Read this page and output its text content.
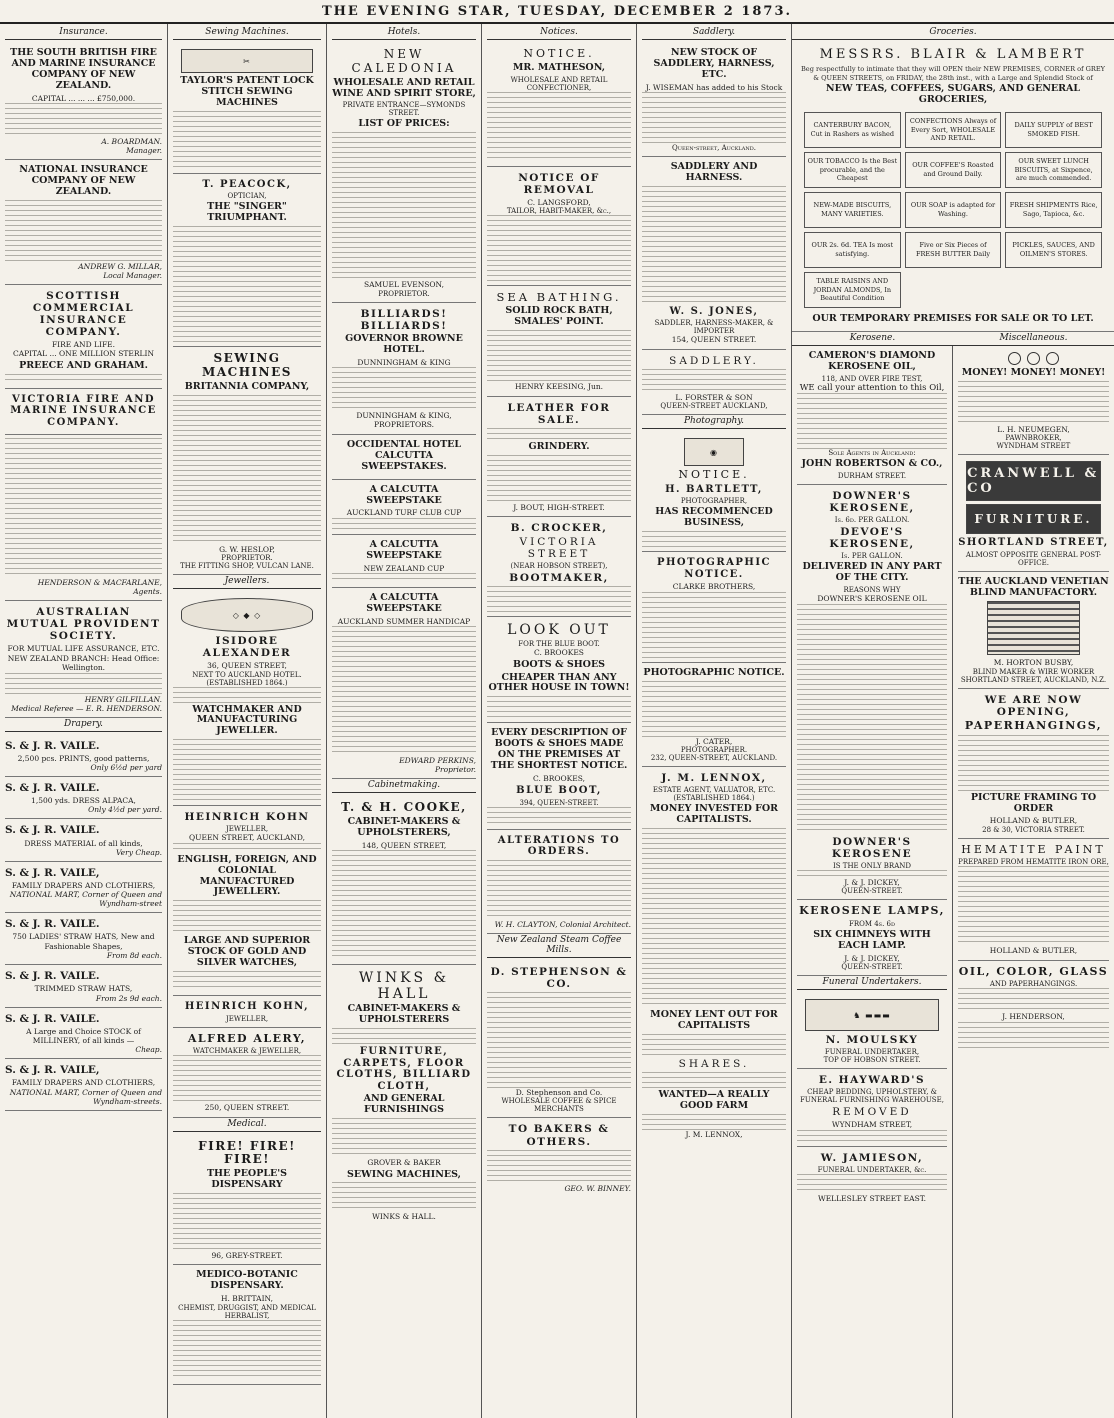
THE EVENING STAR, TUESDAY, DECEMBER 2 1873.
Insurance.
THE SOUTH BRITISH FIRE AND MARINE INSURANCE COMPANY OF NEW ZEALAND.
CAPITAL ... ... ... £750,000.
A. BOARDMAN.
Manager.
NATIONAL INSURANCE COMPANY OF NEW ZEALAND.
ANDREW G. MILLAR,
Local Manager.
SCOTTISH COMMERCIAL INSURANCE COMPANY.
FIRE AND LIFE.
CAPITAL ... ONE MILLION STERLIN
PREECE AND GRAHAM.
VICTORIA FIRE AND MARINE INSURANCE COMPANY.
HENDERSON & MACFARLANE,
Agents.
AUSTRALIAN MUTUAL PROVIDENT SOCIETY.
FOR MUTUAL LIFE ASSURANCE, ETC.
NEW ZEALAND BRANCH: Head Office: Wellington.
HENRY GILFILLAN.
Medical Referee — E. R. HENDERSON.
Drapery.
S. & J. R. VAILE.
2,500 pcs. PRINTS, good patterns,
Only 6½d per yard
S. & J. R. VAILE.
1,500 yds. DRESS ALPACA,
Only 4½d per yard.
S. & J. R. VAILE.
DRESS MATERIAL of all kinds,
Very Cheap.
S. & J. R. VAILE,
FAMILY DRAPERS AND CLOTHIERS,
NATIONAL MART, Corner of Queen and Wyndham-street
S. & J. R. VAILE.
750 LADIES' STRAW HATS, New and Fashionable Shapes,
From 8d each.
S. & J. R. VAILE.
TRIMMED STRAW HATS,
From 2s 9d each.
S. & J. R. VAILE.
A Large and Choice STOCK of MILLINERY, of all kinds —
Cheap.
S. & J. R. VAILE,
FAMILY DRAPERS AND CLOTHIERS,
NATIONAL MART, Corner of Queen and Wyndham-streets.
Sewing Machines.
✂
TAYLOR'S PATENT LOCK STITCH SEWING MACHINES
T. PEACOCK,
OPTICIAN,
THE "SINGER" TRIUMPHANT.
SEWING MACHINES
BRITANNIA COMPANY,
G. W. HESLOP,
PROPRIETOR.
THE FITTING SHOP, VULCAN LANE.
Jewellers.
◇ ◆ ◇
ISIDORE ALEXANDER
36, QUEEN STREET,
NEXT TO AUCKLAND HOTEL.
(ESTABLISHED 1864.)
WATCHMAKER AND MANUFACTURING JEWELLER.
HEINRICH KOHN
JEWELLER,
QUEEN STREET, AUCKLAND,
ENGLISH, FOREIGN, AND COLONIAL MANUFACTURED JEWELLERY.
LARGE AND SUPERIOR STOCK OF GOLD AND SILVER WATCHES,
HEINRICH KOHN,
JEWELLER,
ALFRED ALERY,
WATCHMAKER & JEWELLER,
250, QUEEN STREET.
Medical.
FIRE! FIRE! FIRE!
THE PEOPLE'S DISPENSARY
96, GREY-STREET.
MEDICO-BOTANIC DISPENSARY.
H. BRITTAIN,
CHEMIST, DRUGGIST, AND MEDICAL HERBALIST,
Hotels.
NEW CALEDONIA
WHOLESALE AND RETAIL WINE AND SPIRIT STORE,
PRIVATE ENTRANCE—SYMONDS STREET.
LIST OF PRICES:
SAMUEL EVENSON,
PROPRIETOR.
BILLIARDS! BILLIARDS!
GOVERNOR BROWNE HOTEL.
DUNNINGHAM & KING
DUNNINGHAM & KING, PROPRIETORS.
OCCIDENTAL HOTEL CALCUTTA SWEEPSTAKES.
A CALCUTTA SWEEPSTAKE
AUCKLAND TURF CLUB CUP
A CALCUTTA SWEEPSTAKE
NEW ZEALAND CUP
A CALCUTTA SWEEPSTAKE
AUCKLAND SUMMER HANDICAP
EDWARD PERKINS,
Proprietor.
Cabinetmaking.
T. & H. COOKE,
CABINET-MAKERS & UPHOLSTERERS,
148, QUEEN STREET,
WINKS & HALL
CABINET-MAKERS & UPHOLSTERERS
FURNITURE, CARPETS, FLOOR CLOTHS, BILLIARD CLOTH,
AND GENERAL FURNISHINGS
GROVER & BAKER
SEWING MACHINES,
WINKS & HALL.
Notices.
NOTICE.
MR. MATHESON,
WHOLESALE AND RETAIL CONFECTIONER,
NOTICE OF REMOVAL
C. LANGSFORD,
TAILOR, HABIT-MAKER, &c.,
SEA BATHING.
SOLID ROCK BATH, SMALES' POINT.
HENRY KEESING, Jun.
LEATHER FOR SALE.
GRINDERY.
J. BOUT, HIGH-STREET.
B. CROCKER,
VICTORIA STREET
(NEAR HOBSON STREET),
BOOTMAKER,
LOOK OUT
FOR THE BLUE BOOT.
C. BROOKES
BOOTS & SHOES
CHEAPER THAN ANY OTHER HOUSE IN TOWN!
EVERY DESCRIPTION OF BOOTS & SHOES MADE ON THE PREMISES AT THE SHORTEST NOTICE.
C. BROOKES,
BLUE BOOT,
394, QUEEN-STREET.
ALTERATIONS TO ORDERS.
W. H. CLAYTON, Colonial Architect.
New Zealand Steam Coffee Mills.
D. STEPHENSON & CO.
D. Stephenson and Co.
WHOLESALE COFFEE & SPICE MERCHANTS
TO BAKERS & OTHERS.
GEO. W. BINNEY.
Saddlery.
NEW STOCK OF SADDLERY, HARNESS, ETC.
J. WISEMAN has added to his Stock
Queen-street, Auckland.
SADDLERY AND HARNESS.
W. S. JONES,
SADDLER, HARNESS-MAKER, & IMPORTER
154, QUEEN STREET.
SADDLERY.
L. FORSTER & SON
QUEEN-STREET AUCKLAND,
Photography.
◉
NOTICE.
H. BARTLETT,
PHOTOGRAPHER,
HAS RECOMMENCED BUSINESS,
PHOTOGRAPHIC NOTICE.
CLARKE BROTHERS,
PHOTOGRAPHIC NOTICE.
J. CATER,
PHOTOGRAPHER.
232, QUEEN-STREET, AUCKLAND.
J. M. LENNOX,
ESTATE AGENT, VALUATOR, ETC.
(ESTABLISHED 1864.)
MONEY INVESTED FOR CAPITALISTS.
MONEY LENT OUT FOR CAPITALISTS
SHARES.
WANTED—A REALLY GOOD FARM
J. M. LENNOX,
Groceries.
MESSRS. BLAIR & LAMBERT
Beg respectfully to intimate that they will OPEN their NEW PREMISES, CORNER of GREY & QUEEN STREETS, on FRIDAY, the 28th inst., with a Large and Splendid Stock of
NEW TEAS, COFFEES, SUGARS, AND GENERAL GROCERIES,
CANTERBURY BACON, Cut in Rashers as wished
CONFECTIONS Always of Every Sort, WHOLESALE AND RETAIL.
DAILY SUPPLY of BEST SMOKED FISH.
OUR TOBACCO Is the Best procurable, and the Cheapest
OUR COFFEE'S Roasted and Ground Daily.
OUR SWEET LUNCH BISCUITS, at Sixpence, are much commended.
NEW-MADE BISCUITS, MANY VARIETIES.
OUR SOAP is adapted for Washing.
FRESH SHIPMENTS Rice, Sago, Tapioca, &c.
OUR 2s. 6d. TEA Is most satisfying.
Five or Six Pieces of FRESH BUTTER Daily
PICKLES, SAUCES, AND OILMEN'S STORES.
TABLE RAISINS AND JORDAN ALMONDS, In Beautiful Condition
OUR TEMPORARY PREMISES FOR SALE OR TO LET.
Kerosene.	Miscellaneous.
CAMERON'S DIAMOND KEROSENE OIL,
118, AND OVER FIRE TEST,
WE call your attention to this Oil,
Sole Agents in Auckland:
JOHN ROBERTSON & CO.,
DURHAM STREET.
DOWNER'S KEROSENE,
Is. 6d. PER GALLON.
DEVOE'S KEROSENE,
Is. PER GALLON.
DELIVERED IN ANY PART OF THE CITY.
REASONS WHY
DOWNER'S KEROSENE OIL
DOWNER'S KEROSENE
IS THE ONLY BRAND
J. & J. DICKEY,
QUEEN-STREET.
KEROSENE LAMPS,
FROM 4s. 6d
SIX CHIMNEYS WITH EACH LAMP.
J. & J. DICKEY,
QUEEN-STREET.
Funeral Undertakers.
♞ ▬▬▬
N. MOULSKY
FUNERAL UNDERTAKER,
TOP OF HOBSON STREET.
E. HAYWARD'S
CHEAP BEDDING, UPHOLSTERY, & FUNERAL FURNISHING WAREHOUSE,
REMOVED
WYNDHAM STREET,
W. JAMIESON,
FUNERAL UNDERTAKER, &c.
WELLESLEY STREET EAST.
MONEY! MONEY! MONEY!
L. H. NEUMEGEN,
PAWNBROKER,
WYNDHAM STREET
CRANWELL & CO
FURNITURE.
SHORTLAND STREET,
ALMOST OPPOSITE GENERAL POST-OFFICE.
THE AUCKLAND VENETIAN BLIND MANUFACTORY.
M. HORTON BUSBY,
BLIND MAKER & WIRE WORKER
SHORTLAND STREET, AUCKLAND, N.Z.
WE ARE NOW OPENING,
PAPERHANGINGS,
PICTURE FRAMING TO ORDER
HOLLAND & BUTLER,
28 & 30, VICTORIA STREET.
HEMATITE PAINT
PREPARED FROM HEMATITE IRON ORE,
HOLLAND & BUTLER,
OIL, COLOR, GLASS
AND PAPERHANGINGS.
J. HENDERSON,
